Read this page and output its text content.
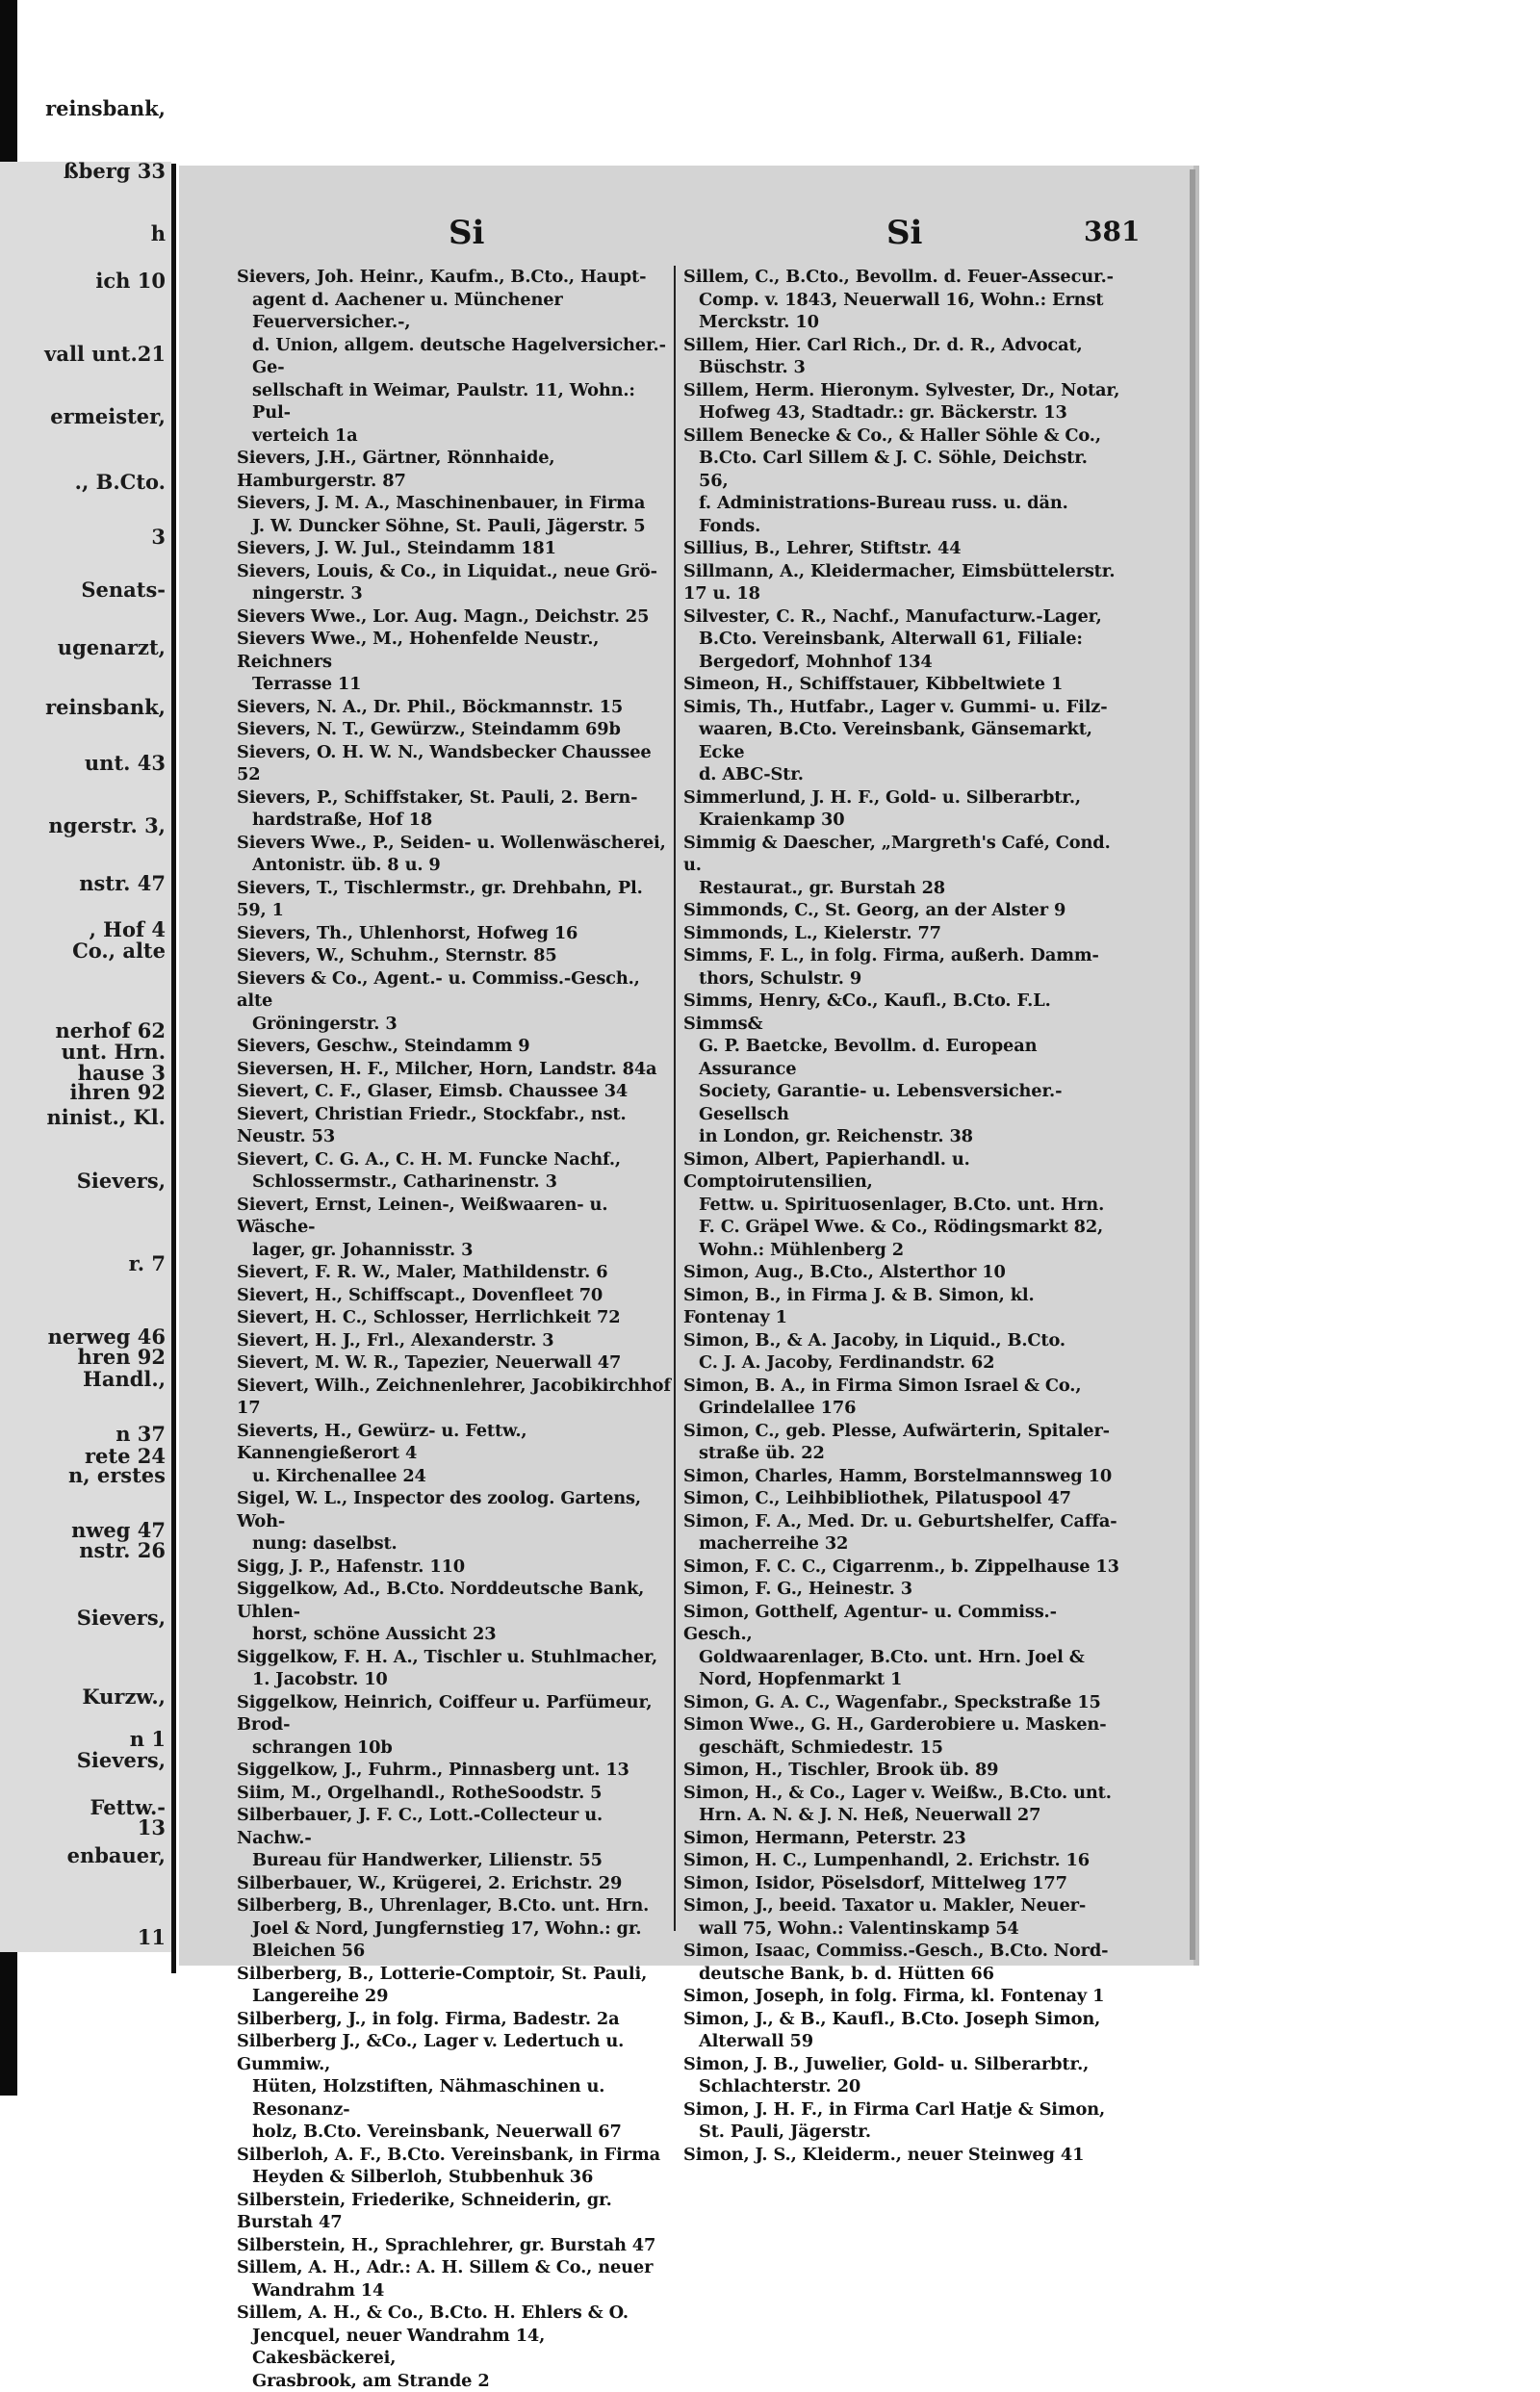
reinsbank,
ßberg 33
h
ich 10
vall unt.21
ermeister,
., B.Cto.
3
Senats-
ugenarzt,
reinsbank,
unt. 43
ngerstr. 3,
nstr. 47
, Hof 4
Co., alte
nerhof 62
unt. Hrn.
hause 3
ihren 92
ninist., Kl.
Sievers,
r. 7
nerweg 46
hren 92
Handl.,
n 37
rete 24
n, erstes
nweg 47
nstr. 26
Sievers,
Kurzw.,
n 1
Sievers,
Fettw.-
13
enbauer,
11
Si	Si	381
Sievers, Joh. Heinr., Kaufm., B.Cto., Haupt-
agent d. Aachener u. Münchener Feuerversicher.-,
d. Union, allgem. deutsche Hagelversicher.-Ge-
sellschaft in Weimar, Paulstr. 11, Wohn.: Pul-
verteich 1a
Sievers, J.H., Gärtner, Rönnhaide, Hamburgerstr. 87
Sievers, J. M. A., Maschinenbauer, in Firma
J. W. Duncker Söhne, St. Pauli, Jägerstr. 5
Sievers, J. W. Jul., Steindamm 181
Sievers, Louis, & Co., in Liquidat., neue Grö-
ningerstr. 3
Sievers Wwe., Lor. Aug. Magn., Deichstr. 25
Sievers Wwe., M., Hohenfelde Neustr., Reichners
Terrasse 11
Sievers, N. A., Dr. Phil., Böckmannstr. 15
Sievers, N. T., Gewürzw., Steindamm 69b
Sievers, O. H. W. N., Wandsbecker Chaussee 52
Sievers, P., Schiffstaker, St. Pauli, 2. Bern-
hardstraße, Hof 18
Sievers Wwe., P., Seiden- u. Wollenwäscherei,
Antonistr. üb. 8 u. 9
Sievers, T., Tischlermstr., gr. Drehbahn, Pl. 59, 1
Sievers, Th., Uhlenhorst, Hofweg 16
Sievers, W., Schuhm., Sternstr. 85
Sievers & Co., Agent.- u. Commiss.-Gesch., alte
Gröningerstr. 3
Sievers, Geschw., Steindamm 9
Sieversen, H. F., Milcher, Horn, Landstr. 84a
Sievert, C. F., Glaser, Eimsb. Chaussee 34
Sievert, Christian Friedr., Stockfabr., nst. Neustr. 53
Sievert, C. G. A., C. H. M. Funcke Nachf.,
Schlossermstr., Catharinenstr. 3
Sievert, Ernst, Leinen-, Weißwaaren- u. Wäsche-
lager, gr. Johannisstr. 3
Sievert, F. R. W., Maler, Mathildenstr. 6
Sievert, H., Schiffscapt., Dovenfleet 70
Sievert, H. C., Schlosser, Herrlichkeit 72
Sievert, H. J., Frl., Alexanderstr. 3
Sievert, M. W. R., Tapezier, Neuerwall 47
Sievert, Wilh., Zeichnenlehrer, Jacobikirchhof 17
Sieverts, H., Gewürz- u. Fettw., Kannengießerort 4
u. Kirchenallee 24
Sigel, W. L., Inspector des zoolog. Gartens, Woh-
nung: daselbst.
Sigg, J. P., Hafenstr. 110
Siggelkow, Ad., B.Cto. Norddeutsche Bank, Uhlen-
horst, schöne Aussicht 23
Siggelkow, F. H. A., Tischler u. Stuhlmacher,
1. Jacobstr. 10
Siggelkow, Heinrich, Coiffeur u. Parfümeur, Brod-
schrangen 10b
Siggelkow, J., Fuhrm., Pinnasberg unt. 13
Siim, M., Orgelhandl., RotheSoodstr. 5
Silberbauer, J. F. C., Lott.-Collecteur u. Nachw.-
Bureau für Handwerker, Lilienstr. 55
Silberbauer, W., Krügerei, 2. Erichstr. 29
Silberberg, B., Uhrenlager, B.Cto. unt. Hrn.
Joel & Nord, Jungfernstieg 17, Wohn.: gr.
Bleichen 56
Silberberg, B., Lotterie-Comptoir, St. Pauli,
Langereihe 29
Silberberg, J., in folg. Firma, Badestr. 2a
Silberberg J., &Co., Lager v. Ledertuch u. Gummiw.,
Hüten, Holzstiften, Nähmaschinen u. Resonanz-
holz, B.Cto. Vereinsbank, Neuerwall 67
Silberloh, A. F., B.Cto. Vereinsbank, in Firma
Heyden & Silberloh, Stubbenhuk 36
Silberstein, Friederike, Schneiderin, gr. Burstah 47
Silberstein, H., Sprachlehrer, gr. Burstah 47
Sillem, A. H., Adr.: A. H. Sillem & Co., neuer
Wandrahm 14
Sillem, A. H., & Co., B.Cto. H. Ehlers & O.
Jencquel, neuer Wandrahm 14, Cakesbäckerei,
Grasbrook, am Strande 2
Sillem, C., B.Cto., Bevollm. d. Feuer-Assecur.-
Comp. v. 1843, Neuerwall 16, Wohn.: Ernst
Merckstr. 10
Sillem, Hier. Carl Rich., Dr. d. R., Advocat,
Büschstr. 3
Sillem, Herm. Hieronym. Sylvester, Dr., Notar,
Hofweg 43, Stadtadr.: gr. Bäckerstr. 13
Sillem Benecke & Co., & Haller Söhle & Co.,
B.Cto. Carl Sillem & J. C. Söhle, Deichstr. 56,
f. Administrations-Bureau russ. u. dän. Fonds.
Sillius, B., Lehrer, Stiftstr. 44
Sillmann, A., Kleidermacher, Eimsbüttelerstr. 17 u. 18
Silvester, C. R., Nachf., Manufacturw.-Lager,
B.Cto. Vereinsbank, Alterwall 61, Filiale:
Bergedorf, Mohnhof 134
Simeon, H., Schiffstauer, Kibbeltwiete 1
Simis, Th., Hutfabr., Lager v. Gummi- u. Filz-
waaren, B.Cto. Vereinsbank, Gänsemarkt, Ecke
d. ABC-Str.
Simmerlund, J. H. F., Gold- u. Silberarbtr.,
Kraienkamp 30
Simmig & Daescher, „Margreth's Café, Cond. u.
Restaurat., gr. Burstah 28
Simmonds, C., St. Georg, an der Alster 9
Simmonds, L., Kielerstr. 77
Simms, F. L., in folg. Firma, außerh. Damm-
thors, Schulstr. 9
Simms, Henry, &Co., Kaufl., B.Cto. F.L. Simms&
G. P. Baetcke, Bevollm. d. European Assurance
Society, Garantie- u. Lebensversicher.-Gesellsch
in London, gr. Reichenstr. 38
Simon, Albert, Papierhandl. u. Comptoirutensilien,
Fettw. u. Spirituosenlager, B.Cto. unt. Hrn.
F. C. Gräpel Wwe. & Co., Rödingsmarkt 82,
Wohn.: Mühlenberg 2
Simon, Aug., B.Cto., Alsterthor 10
Simon, B., in Firma J. & B. Simon, kl. Fontenay 1
Simon, B., & A. Jacoby, in Liquid., B.Cto.
C. J. A. Jacoby, Ferdinandstr. 62
Simon, B. A., in Firma Simon Israel & Co.,
Grindelallee 176
Simon, C., geb. Plesse, Aufwärterin, Spitaler-
straße üb. 22
Simon, Charles, Hamm, Borstelmannsweg 10
Simon, C., Leihbibliothek, Pilatuspool 47
Simon, F. A., Med. Dr. u. Geburtshelfer, Caffa-
macherreihe 32
Simon, F. C. C., Cigarrenm., b. Zippelhause 13
Simon, F. G., Heinestr. 3
Simon, Gotthelf, Agentur- u. Commiss.-Gesch.,
Goldwaarenlager, B.Cto. unt. Hrn. Joel &
Nord, Hopfenmarkt 1
Simon, G. A. C., Wagenfabr., Speckstraße 15
Simon Wwe., G. H., Garderobiere u. Masken-
geschäft, Schmiedestr. 15
Simon, H., Tischler, Brook üb. 89
Simon, H., & Co., Lager v. Weißw., B.Cto. unt.
Hrn. A. N. & J. N. Heß, Neuerwall 27
Simon, Hermann, Peterstr. 23
Simon, H. C., Lumpenhandl, 2. Erichstr. 16
Simon, Isidor, Pöselsdorf, Mittelweg 177
Simon, J., beeid. Taxator u. Makler, Neuer-
wall 75, Wohn.: Valentinskamp 54
Simon, Isaac, Commiss.-Gesch., B.Cto. Nord-
deutsche Bank, b. d. Hütten 66
Simon, Joseph, in folg. Firma, kl. Fontenay 1
Simon, J., & B., Kaufl., B.Cto. Joseph Simon,
Alterwall 59
Simon, J. B., Juwelier, Gold- u. Silberarbtr.,
Schlachterstr. 20
Simon, J. H. F., in Firma Carl Hatje & Simon,
St. Pauli, Jägerstr.
Simon, J. S., Kleiderm., neuer Steinweg 41
